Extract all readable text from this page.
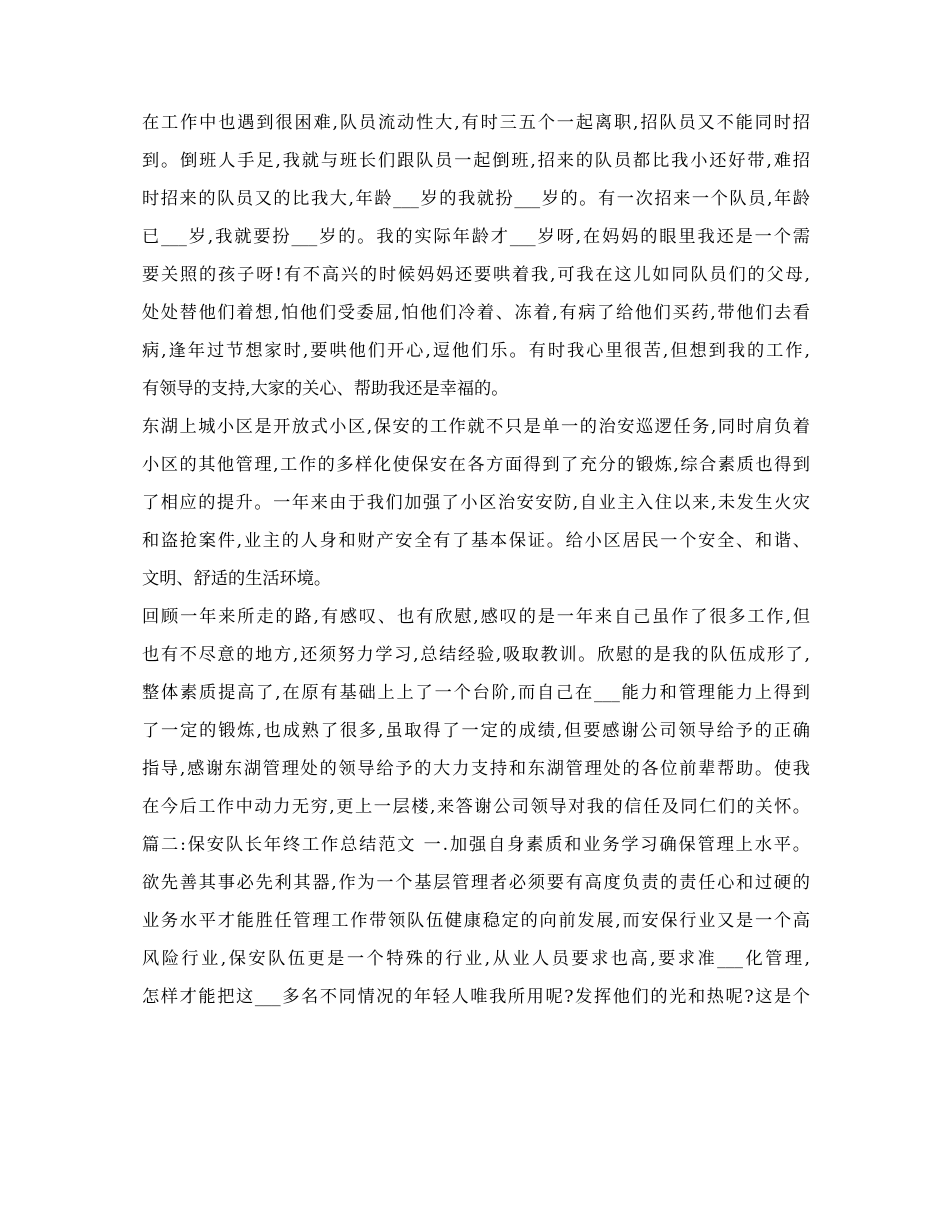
在工作中也遇到很困难,队员流动性大,有时三五个一起离职,招队员又不能同时招
到。倒班人手足,我就与班长们跟队员一起倒班,招来的队员都比我小还好带,难招
时招来的队员又的比我大,年龄___岁的我就扮___岁的。有一次招来一个队员,年龄
已___岁,我就要扮___岁的。我的实际年龄才___岁呀,在妈妈的眼里我还是一个需
要关照的孩子呀!有不高兴的时候妈妈还要哄着我,可我在这儿如同队员们的父母,
处处替他们着想,怕他们受委屈,怕他们冷着、冻着,有病了给他们买药,带他们去看
病,逢年过节想家时,要哄他们开心,逗他们乐。有时我心里很苦,但想到我的工作,
有领导的支持,大家的关心、帮助我还是幸福的。
东湖上城小区是开放式小区,保安的工作就不只是单一的治安巡逻任务,同时肩负着
小区的其他管理,工作的多样化使保安在各方面得到了充分的锻炼,综合素质也得到
了相应的提升。一年来由于我们加强了小区治安安防,自业主入住以来,未发生火灾
和盗抢案件,业主的人身和财产安全有了基本保证。给小区居民一个安全、和谐、
文明、舒适的生活环境。
回顾一年来所走的路,有感叹、也有欣慰,感叹的是一年来自己虽作了很多工作,但
也有不尽意的地方,还须努力学习,总结经验,吸取教训。欣慰的是我的队伍成形了,
整体素质提高了,在原有基础上上了一个台阶,而自己在___能力和管理能力上得到
了一定的锻炼,也成熟了很多,虽取得了一定的成绩,但要感谢公司领导给予的正确
指导,感谢东湖管理处的领导给予的大力支持和东湖管理处的各位前辈帮助。使我
在今后工作中动力无穷,更上一层楼,来答谢公司领导对我的信任及同仁们的关怀。
篇二:保安队长年终工作总结范文 一.加强自身素质和业务学习确保管理上水平。
欲先善其事必先利其器,作为一个基层管理者必须要有高度负责的责任心和过硬的
业务水平才能胜任管理工作带领队伍健康稳定的向前发展,而安保行业又是一个高
风险行业,保安队伍更是一个特殊的行业,从业人员要求也高,要求准___化管理,
怎样才能把这___多名不同情况的年轻人唯我所用呢?发挥他们的光和热呢?这是个
